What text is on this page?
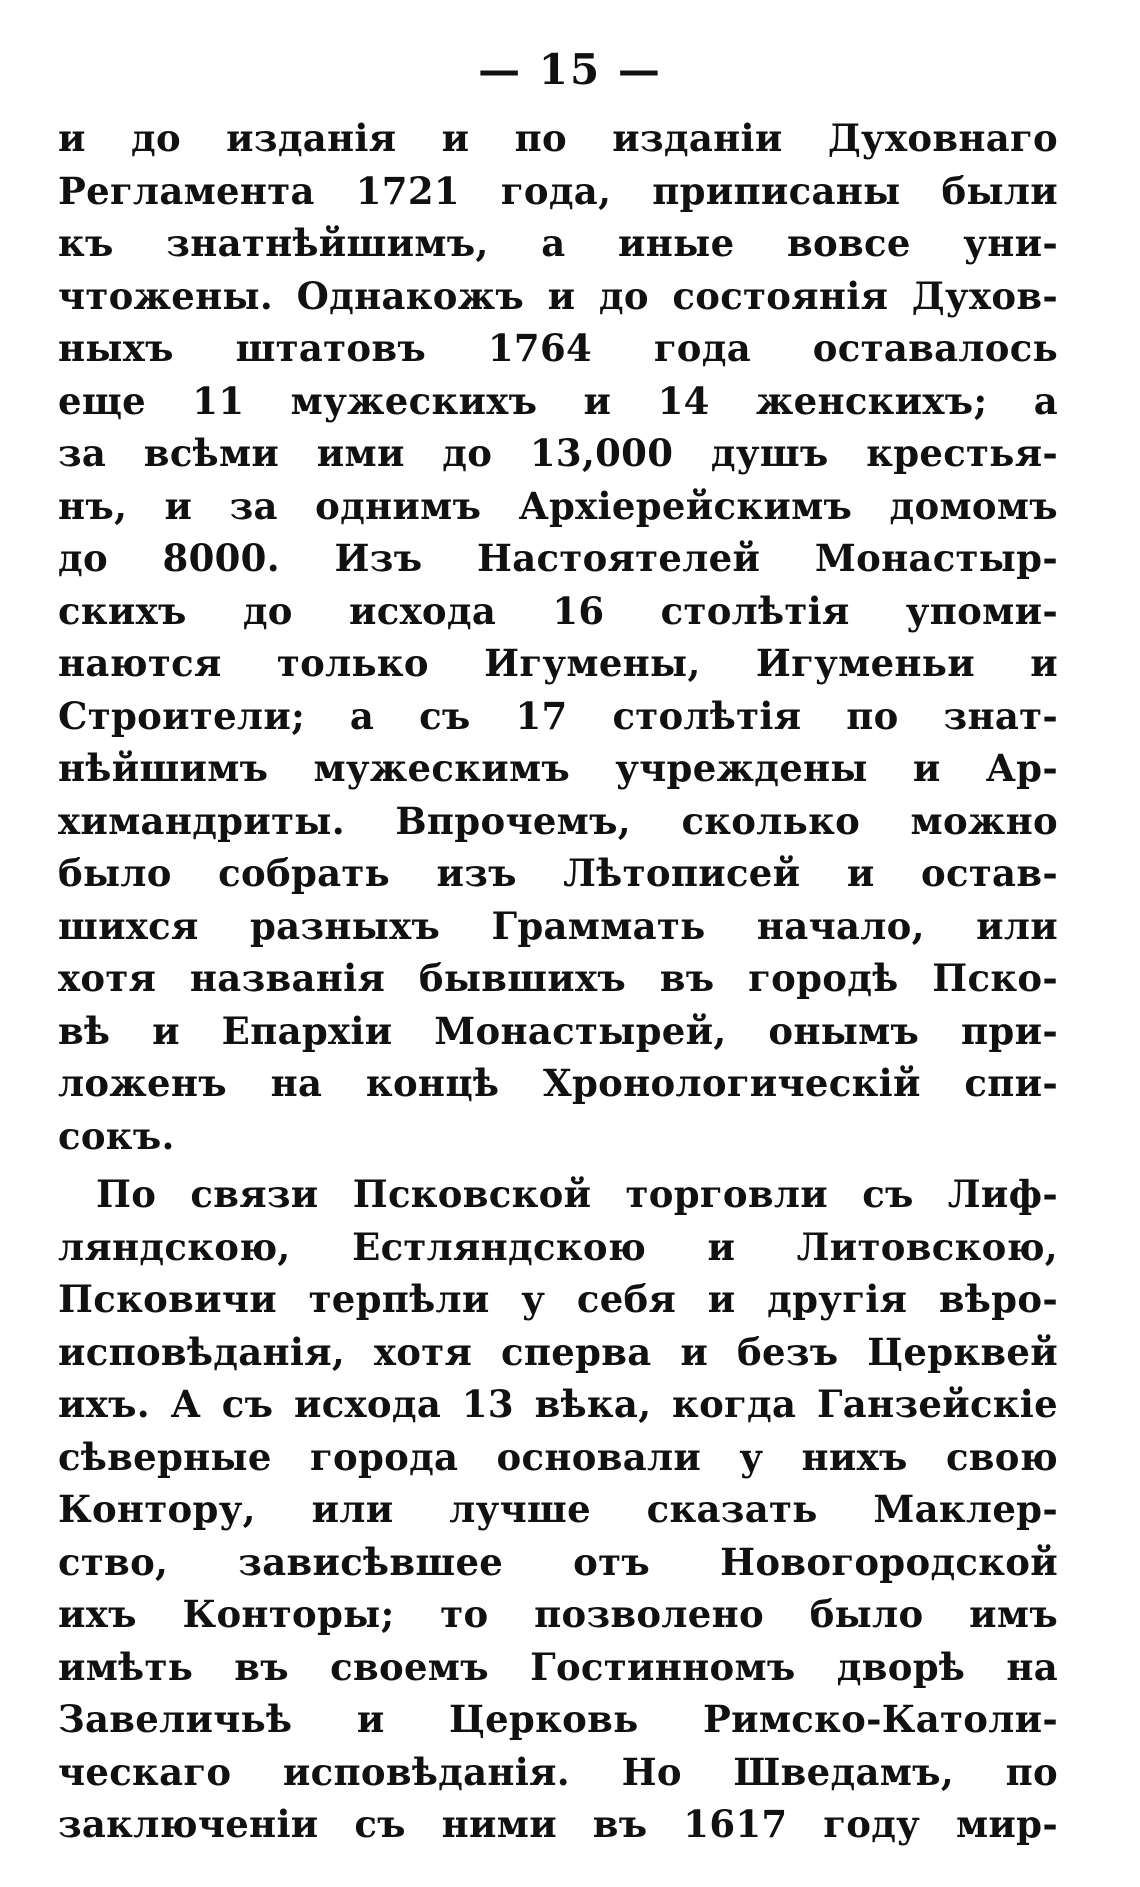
— 15 —
и до изданія и по изданіи Духовнаго
Регламента 1721 года, приписаны были
къ знатнѣйшимъ, а иные вовсе уни-
чтожены. Однакожъ и до состоянія Духов-
ныхъ штатовъ 1764 года оставалось
еще 11 мужескихъ и 14 женскихъ; а
за всѣми ими до 13,000 душъ крестья-
нъ, и за однимъ Архіерейскимъ домомъ
до 8000. Изъ Настоятелей Монастыр-
скихъ до исхода 16 столѣтія упоми-
наются только Игумены, Игуменьи и
Строители; а съ 17 столѣтія по знат-
нѣйшимъ мужескимъ учреждены и Ар-
химандриты. Впрочемъ, сколько можно
было собрать изъ Лѣтописей и остав-
шихся разныхъ Граммать начало, или
хотя названія бывшихъ въ городѣ Пско-
вѣ и Епархіи Монастырей, онымъ при-
ложенъ на концѣ Хронологическій спи-
сокъ.
По связи Псковской торговли съ Лиф-
ляндскою, Естляндскою и Литовскою,
Псковичи терпѣли у себя и другія вѣро-
исповѣданія, хотя сперва и безъ Церквей
ихъ. А съ исхода 13 вѣка, когда Ганзейскіе
сѣверные города основали у нихъ свою
Контору, или лучше сказать Маклер-
ство, зависѣвшее отъ Новогородской
ихъ Конторы; то позволено было имъ
имѣть въ своемъ Гостинномъ дворѣ на
Завеличьѣ и Церковь Римско-Католи-
ческаго исповѣданія. Но Шведамъ, по
заключеніи съ ними въ 1617 году мир-
